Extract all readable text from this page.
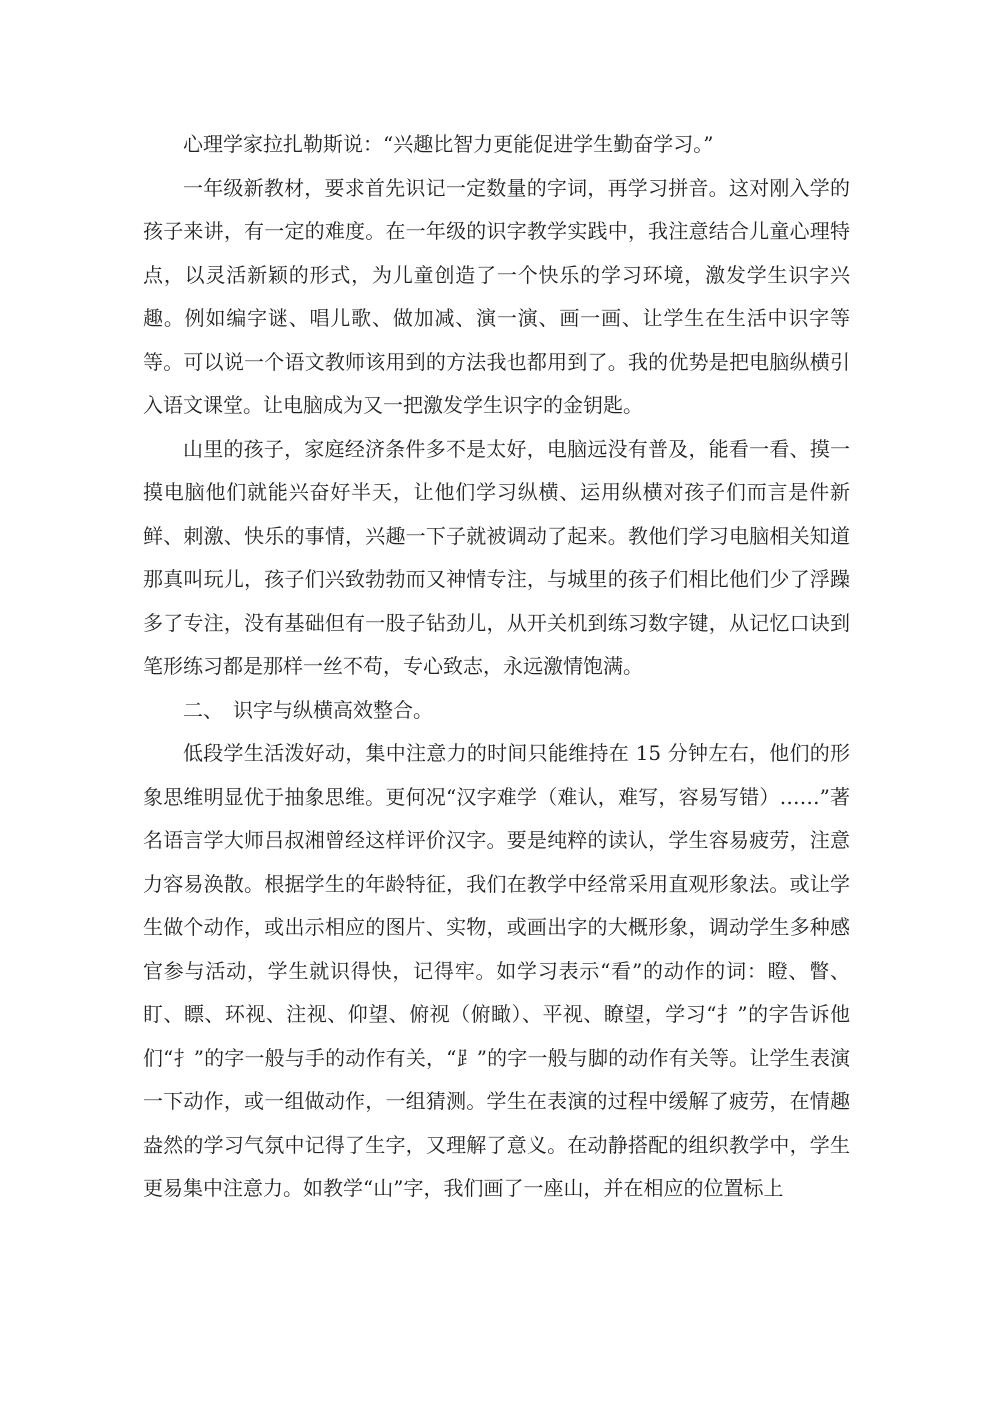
心理学家拉扎勒斯说：“兴趣比智力更能促进学生勤奋学习。”

一年级新教材，要求首先识记一定数量的字词，再学习拼音。这对刚入学的孩子来讲，有一定的难度。在一年级的识字教学实践中，我注意结合儿童心理特点，以灵活新颖的形式，为儿童创造了一个快乐的学习环境，激发学生识字兴趣。例如编字谜、唱儿歌、做加减、演一演、画一画、让学生在生活中识字等等。可以说一个语文教师该用到的方法我也都用到了。我的优势是把电脑纵横引入语文课堂。让电脑成为又一把激发学生识字的金钥匙。

山里的孩子，家庭经济条件多不是太好，电脑远没有普及，能看一看、摸一摸电脑他们就能兴奋好半天，让他们学习纵横、运用纵横对孩子们而言是件新鲜、刺激、快乐的事情，兴趣一下子就被调动了起来。教他们学习电脑相关知道那真叫玩儿，孩子们兴致勃勃而又神情专注，与城里的孩子们相比他们少了浮躁多了专注，没有基础但有一股子钻劲儿，从开关机到练习数字键，从记忆口诀到笔形练习都是那样一丝不苟，专心致志，永远激情饱满。

二、　识字与纵横高效整合。

低段学生活泼好动，集中注意力的时间只能维持在 15 分钟左右，他们的形象思维明显优于抽象思维。更何况“汉字难学（难认，难写，容易写错）……”著名语言学大师吕叔湘曾经这样评价汉字。要是纯粹的读认，学生容易疲劳，注意力容易涣散。根据学生的年龄特征，我们在教学中经常采用直观形象法。或让学生做个动作，或出示相应的图片、实物，或画出字的大概形象，调动学生多种感官参与活动，学生就识得快，记得牢。如学习表示“看”的动作的词：瞪、瞥、盯、瞟、环视、注视、仰望、俯视（俯瞰）、平视、瞭望，学习“扌”的字告诉他们“扌”的字一般与手的动作有关，“⻊”的字一般与脚的动作有关等。让学生表演一下动作，或一组做动作，一组猜测。学生在表演的过程中缓解了疲劳，在情趣盎然的学习气氛中记得了生字，又理解了意义。在动静搭配的组织教学中，学生更易集中注意力。如教学“山”字，我们画了一座山，并在相应的位置标上
